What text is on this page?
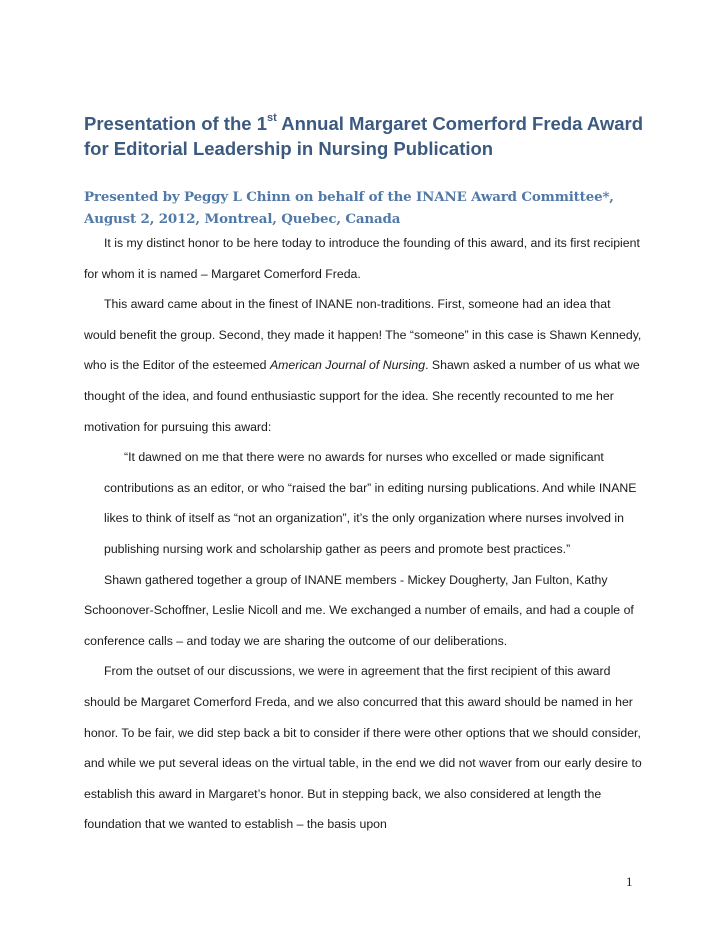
Presentation of the 1st Annual Margaret Comerford Freda Award for Editorial Leadership in Nursing Publication
Presented by Peggy L Chinn on behalf of the INANE Award Committee*, August 2, 2012, Montreal, Quebec, Canada

It is my distinct honor to be here today to introduce the founding of this award, and its first recipient for whom it is named – Margaret Comerford Freda.

This award came about in the finest of INANE non-traditions. First, someone had an idea that would benefit the group. Second, they made it happen! The “someone” in this case is Shawn Kennedy, who is the Editor of the esteemed American Journal of Nursing. Shawn asked a number of us what we thought of the idea, and found enthusiastic support for the idea. She recently recounted to me her motivation for pursuing this award:

“It dawned on me that there were no awards for nurses who excelled or made significant contributions as an editor, or who “raised the bar” in editing nursing publications. And while INANE likes to think of itself as “not an organization”, it’s the only organization where nurses involved in publishing nursing work and scholarship gather as peers and promote best practices.”

Shawn gathered together a group of INANE members - Mickey Dougherty, Jan Fulton, Kathy Schoonover-Schoffner, Leslie Nicoll and me. We exchanged a number of emails, and had a couple of conference calls – and today we are sharing the outcome of our deliberations.

From the outset of our discussions, we were in agreement that the first recipient of this award should be Margaret Comerford Freda, and we also concurred that this award should be named in her honor. To be fair, we did step back a bit to consider if there were other options that we should consider, and while we put several ideas on the virtual table, in the end we did not waver from our early desire to establish this award in Margaret’s honor. But in stepping back, we also considered at length the foundation that we wanted to establish – the basis upon

1
